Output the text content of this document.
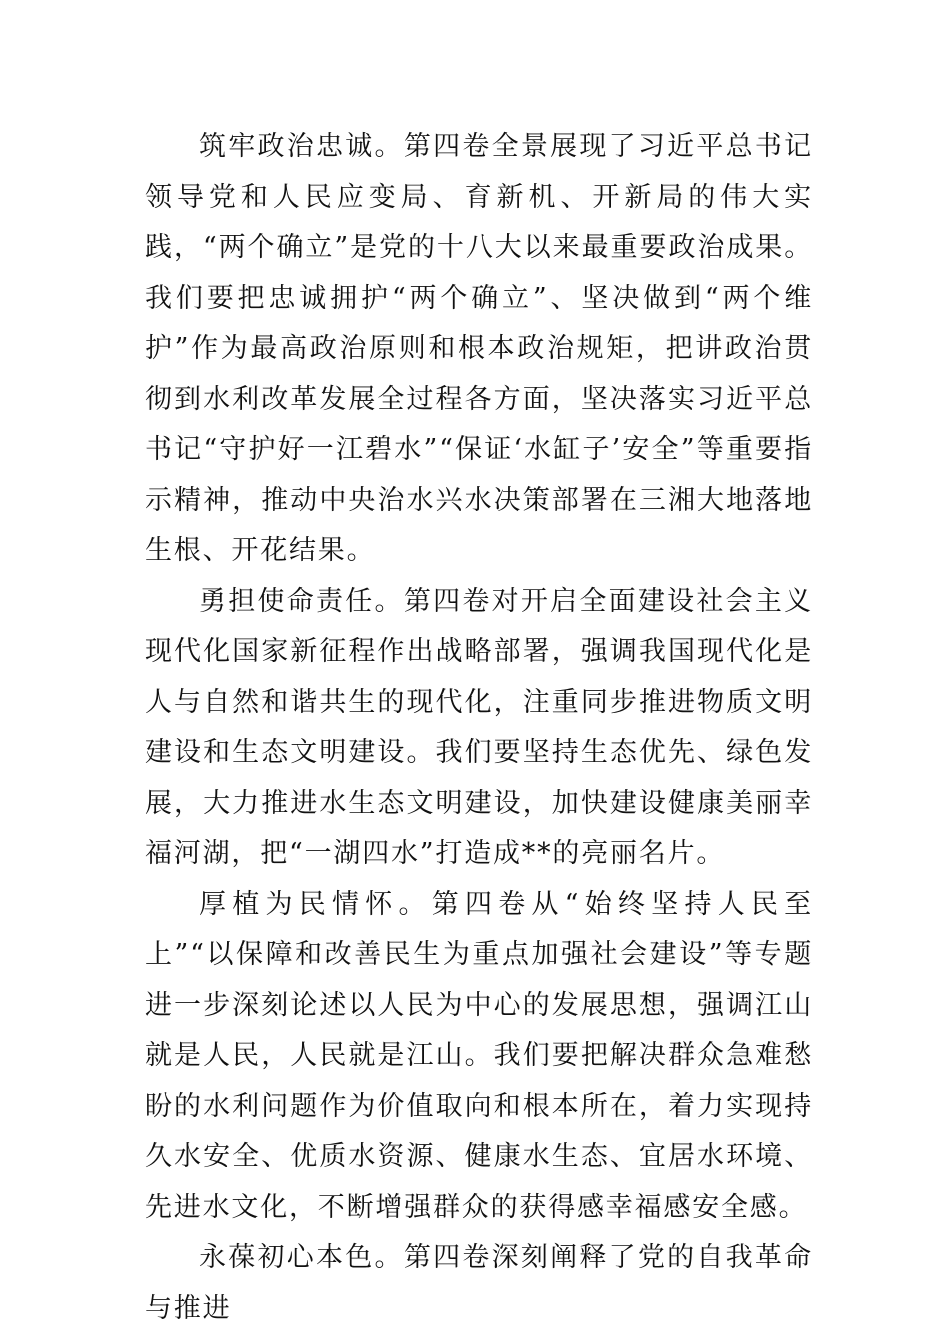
筑牢政治忠诚。第四卷全景展现了习近平总书记领导党和人民应变局、育新机、开新局的伟大实践，“两个确立”是党的十八大以来最重要政治成果。我们要把忠诚拥护“两个确立”、坚决做到“两个维护”作为最高政治原则和根本政治规矩，把讲政治贯彻到水利改革发展全过程各方面，坚决落实习近平总书记“守护好一江碧水”“保证‘水缸子’安全”等重要指示精神，推动中央治水兴水决策部署在三湘大地落地生根、开花结果。

勇担使命责任。第四卷对开启全面建设社会主义现代化国家新征程作出战略部署，强调我国现代化是人与自然和谐共生的现代化，注重同步推进物质文明建设和生态文明建设。我们要坚持生态优先、绿色发展，大力推进水生态文明建设，加快建设健康美丽幸福河湖，把“一湖四水”打造成**的亮丽名片。

厚植为民情怀。第四卷从“始终坚持人民至上”“以保障和改善民生为重点加强社会建设”等专题进一步深刻论述以人民为中心的发展思想，强调江山就是人民，人民就是江山。我们要把解决群众急难愁盼的水利问题作为价值取向和根本所在，着力实现持久水安全、优质水资源、健康水生态、宜居水环境、先进水文化，不断增强群众的获得感幸福感安全感。

永葆初心本色。第四卷深刻阐释了党的自我革命与推进
